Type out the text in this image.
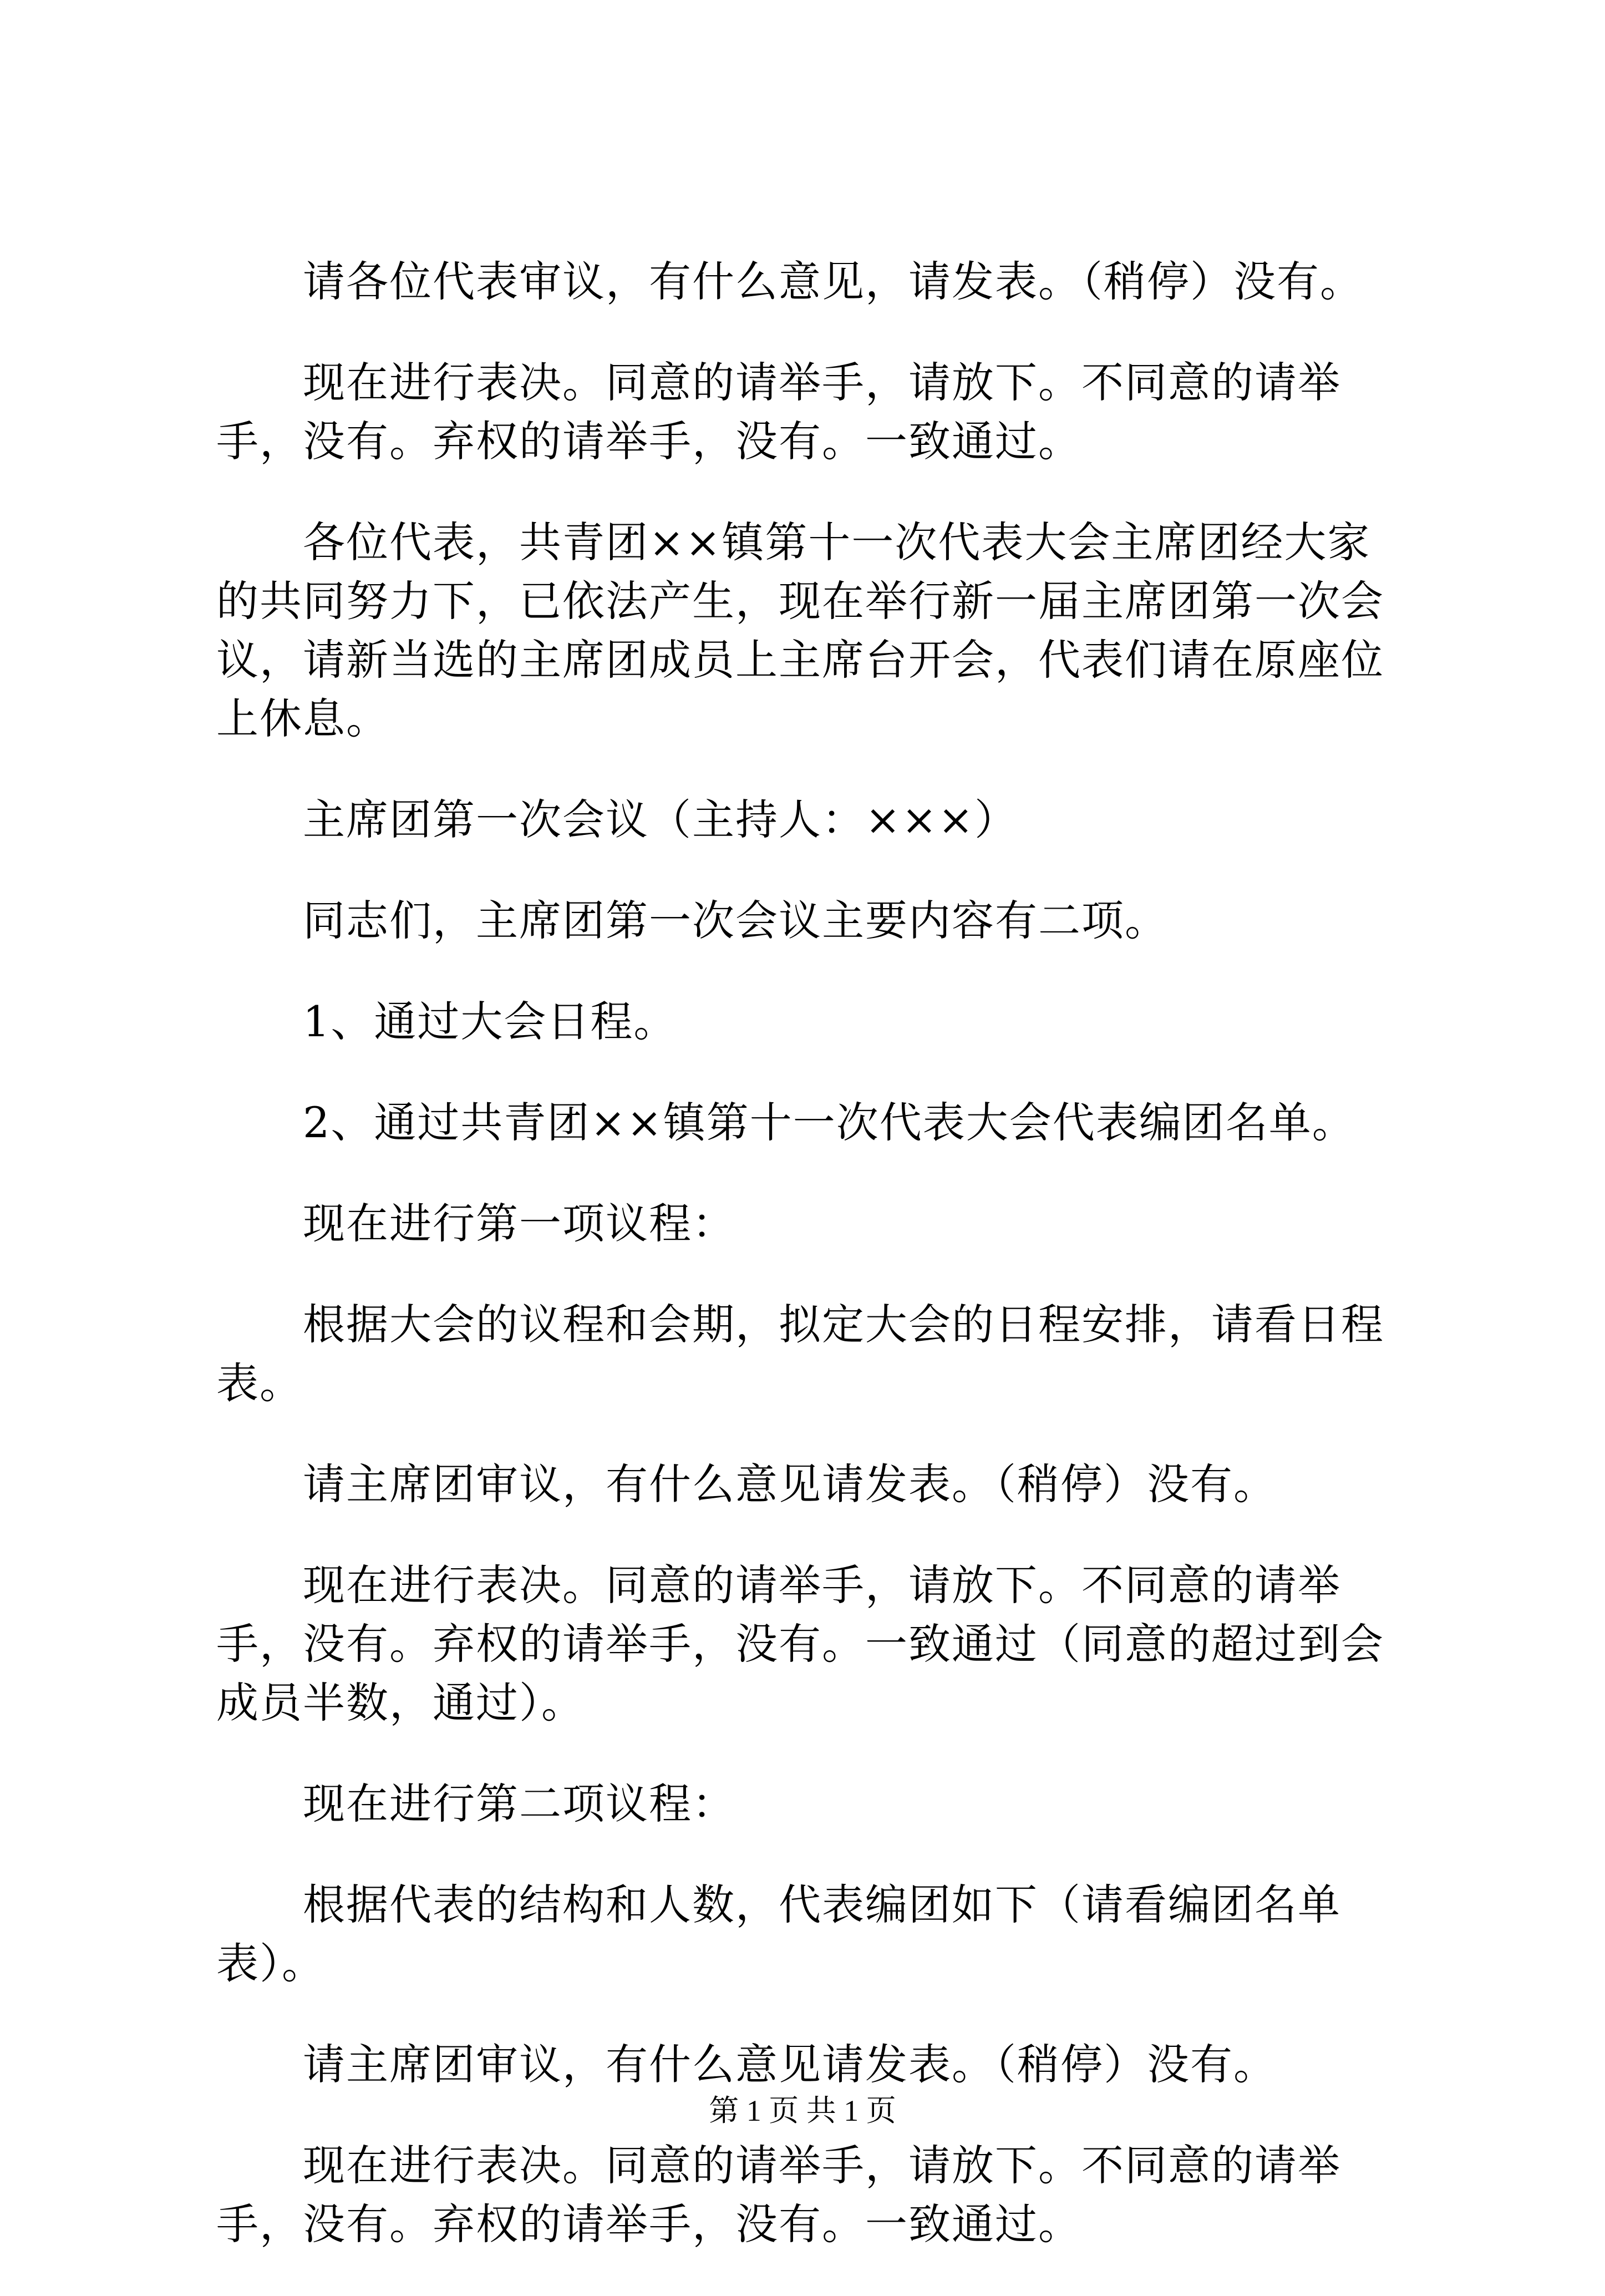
请各位代表审议，有什么意见，请发表。（稍停）没有。

现在进行表决。同意的请举手，请放下。不同意的请举手，没有。弃权的请举手，没有。一致通过。

各位代表，共青团××镇第十一次代表大会主席团经大家的共同努力下，已依法产生，现在举行新一届主席团第一次会议，请新当选的主席团成员上主席台开会，代表们请在原座位上休息。

主席团第一次会议（主持人：×××）

同志们，主席团第一次会议主要内容有二项。

1、通过大会日程。

2、通过共青团××镇第十一次代表大会代表编团名单。

现在进行第一项议程：

根据大会的议程和会期，拟定大会的日程安排，请看日程表。

请主席团审议，有什么意见请发表。（稍停）没有。

现在进行表决。同意的请举手，请放下。不同意的请举手，没有。弃权的请举手，没有。一致通过（同意的超过到会成员半数，通过）。

现在进行第二项议程：

根据代表的结构和人数，代表编团如下（请看编团名单表）。

请主席团审议，有什么意见请发表。（稍停）没有。

现在进行表决。同意的请举手，请放下。不同意的请举手，没有。弃权的请举手，没有。一致通过。

第 1 页 共 1 页
